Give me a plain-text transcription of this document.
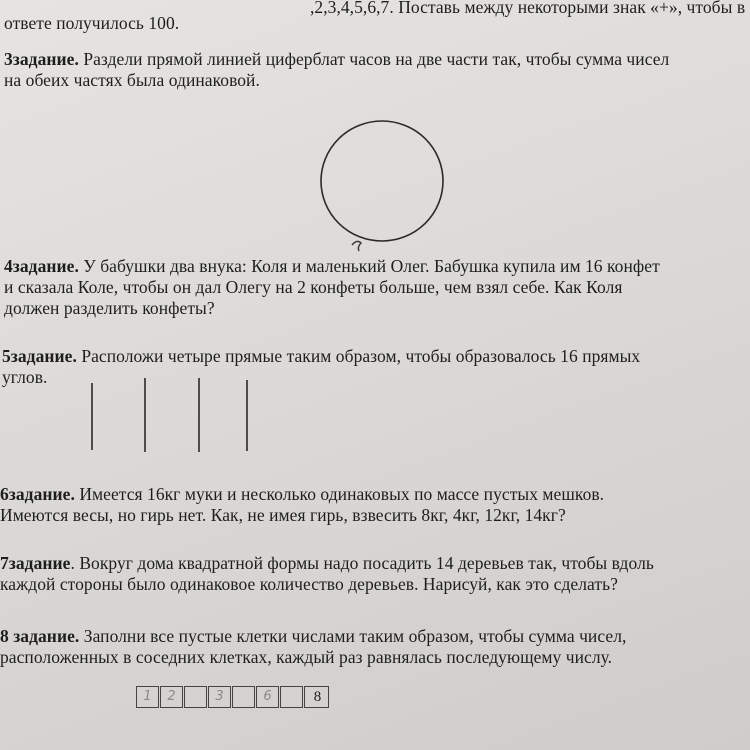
,2,3,4,5,6,7. Поставь между некоторыми знак «+», чтобы в
ответе получилось 100.
3задание. Раздели прямой линией циферблат часов на две части так, чтобы сумма чисел
на обеих частях была одинаковой.
4задание. У бабушки два внука: Коля и маленький Олег. Бабушка купила им 16 конфет
и сказала Коле, чтобы он дал Олегу на 2 конфеты больше, чем взял себе. Как Коля
должен разделить конфеты?
5задание. Расположи четыре прямые таким образом, чтобы образовалось 16 прямых
углов.
6задание. Имеется 16кг муки и несколько одинаковых по массе пустых мешков.
Имеются весы, но гирь нет. Как, не имея гирь, взвесить 8кг, 4кг, 12кг, 14кг?
7задание. Вокруг дома квадратной формы надо посадить 14 деревьев так, чтобы вдоль
каждой стороны было одинаковое количество деревьев. Нарисуй, как это сделать?
8 задание. Заполни все пустые клетки числами таким образом, чтобы сумма чисел,
расположенных в соседних клетках, каждый раз равнялась последующему числу.
1	2	3	6	8
